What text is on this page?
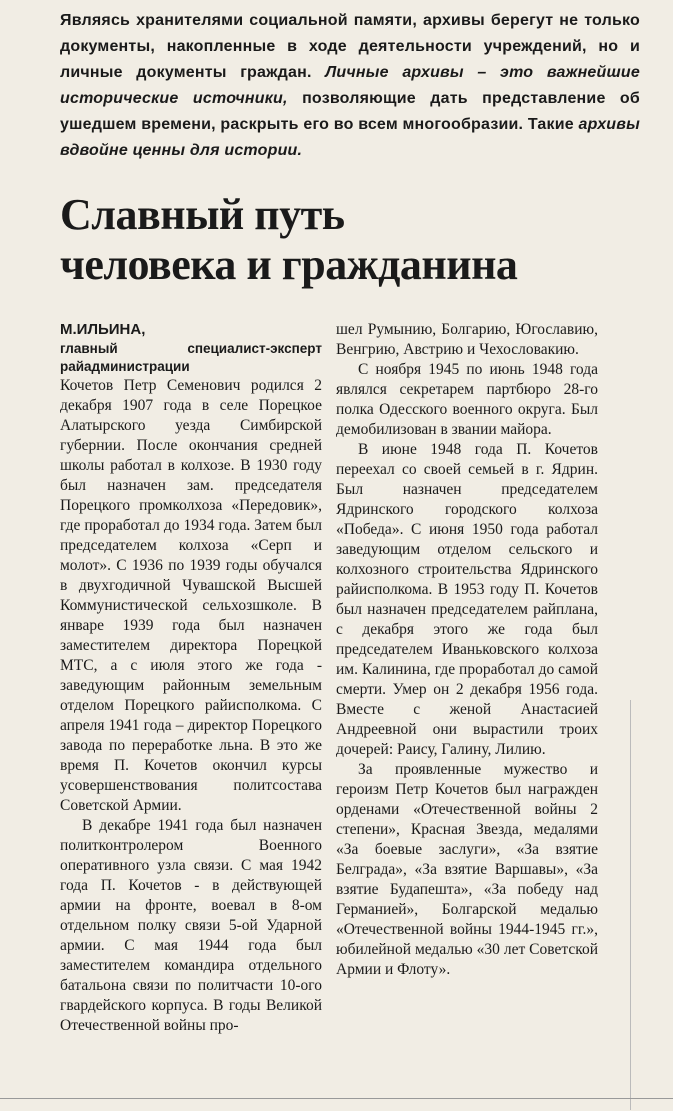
Являясь хранителями социальной памяти, архивы берегут не только документы, накопленные в ходе деятельности учреждений, но и личные документы граждан. Личные архивы – это важнейшие исторические источники, позволяющие дать представление об ушедшем времени, раскрыть его во всем многообразии. Такие архивы вдвойне ценны для истории.
Славный путь
человека и гражданина
М.ИЛЬИНА,
главный специалист-эксперт райадминистрации

Кочетов Петр Семенович родился 2 декабря 1907 года в селе Порецкое Алатырского уезда Симбирской губернии. После окончания средней школы работал в колхозе. В 1930 году был назначен зам. председателя Порецкого промколхоза «Передовик», где проработал до 1934 года. Затем был председателем колхоза «Серп и молот». С 1936 по 1939 годы обучался в двухгодичной Чувашской Высшей Коммунистической сельхозшколе. В январе 1939 года был назначен заместителем директора Порецкой МТС, а с июля этого же года - заведующим районным земельным отделом Порецкого райисполкома. С апреля 1941 года – директор Порецкого завода по переработке льна. В это же время П. Кочетов окончил курсы усовершенствования политсостава Советской Армии.

В декабре 1941 года был назначен политконтролером Военного оперативного узла связи. С мая 1942 года П. Кочетов - в действующей армии на фронте, воевал в 8-ом отдельном полку связи 5-ой Ударной армии. С мая 1944 года был заместителем командира отдельного батальона связи по политчасти 10-ого гвардейского корпуса. В годы Великой Отечественной войны про-

шел Румынию, Болгарию, Югославию, Венгрию, Австрию и Чехословакию.

С ноября 1945 по июнь 1948 года являлся секретарем партбюро 28-го полка Одесского военного округа. Был демобилизован в звании майора.

В июне 1948 года П. Кочетов переехал со своей семьей в г. Ядрин. Был назначен председателем Ядринского городского колхоза «Победа». С июня 1950 года работал заведующим отделом сельского и колхозного строительства Ядринского райисполкома. В 1953 году П. Кочетов был назначен председателем райплана, с декабря этого же года был председателем Иваньковского колхоза им. Калинина, где проработал до самой смерти. Умер он 2 декабря 1956 года. Вместе с женой Анастасией Андреевной они вырастили троих дочерей: Раису, Галину, Лилию.

За проявленные мужество и героизм Петр Кочетов был награжден орденами «Отечественной войны 2 степени», Красная Звезда, медалями «За боевые заслуги», «За взятие Белграда», «За взятие Варшавы», «За взятие Будапешта», «За победу над Германией», Болгарской медалью «Отечественной войны 1944-1945 гг.», юбилейной медалью «30 лет Советской Армии и Флоту».
